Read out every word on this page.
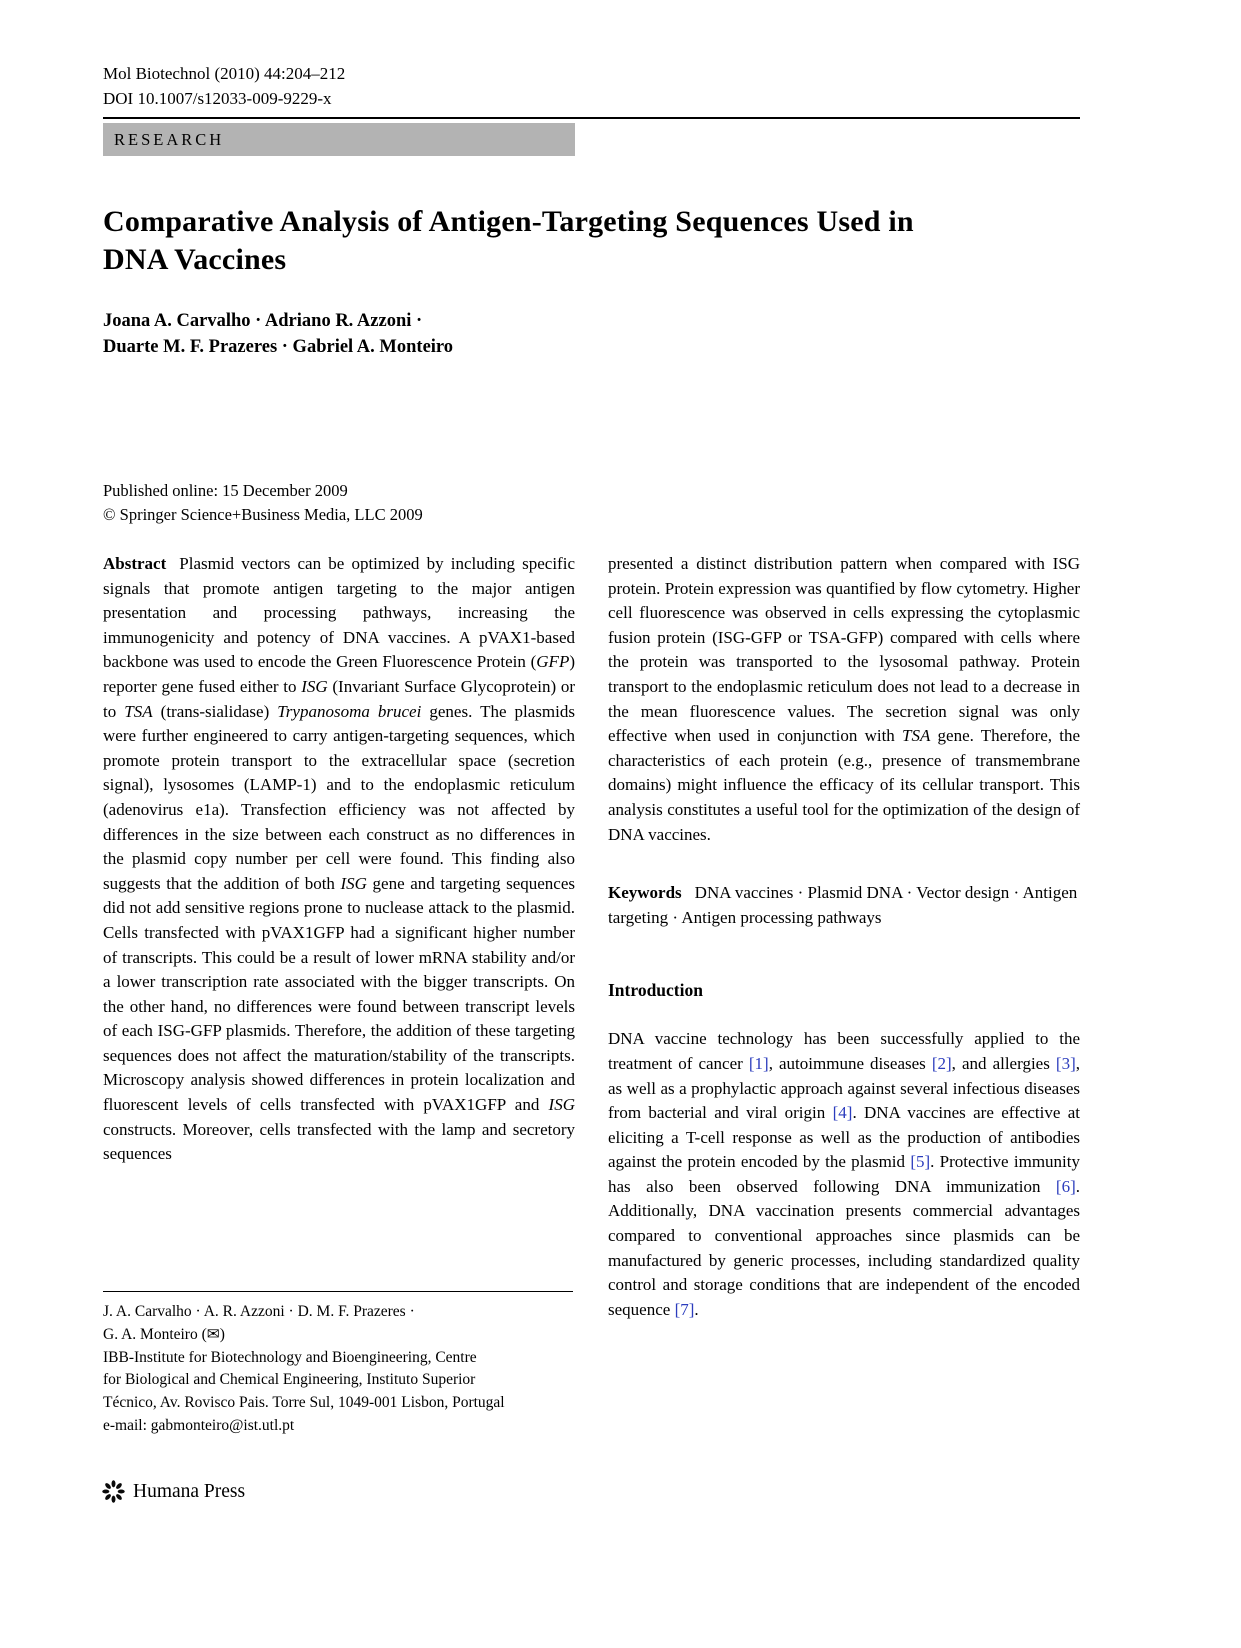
Mol Biotechnol (2010) 44:204–212
DOI 10.1007/s12033-009-9229-x
RESEARCH
Comparative Analysis of Antigen-Targeting Sequences Used in DNA Vaccines
Joana A. Carvalho · Adriano R. Azzoni ·
Duarte M. F. Prazeres · Gabriel A. Monteiro
Published online: 15 December 2009
© Springer Science+Business Media, LLC 2009

Abstract Plasmid vectors can be optimized by including specific signals that promote antigen targeting to the major antigen presentation and processing pathways, increasing the immunogenicity and potency of DNA vaccines. A pVAX1-based backbone was used to encode the Green Fluorescence Protein (GFP) reporter gene fused either to ISG (Invariant Surface Glycoprotein) or to TSA (trans-sialidase) Trypanosoma brucei genes. The plasmids were further engineered to carry antigen-targeting sequences, which promote protein transport to the extracellular space (secretion signal), lysosomes (LAMP-1) and to the endoplasmic reticulum (adenovirus e1a). Transfection efficiency was not affected by differences in the size between each construct as no differences in the plasmid copy number per cell were found. This finding also suggests that the addition of both ISG gene and targeting sequences did not add sensitive regions prone to nuclease attack to the plasmid. Cells transfected with pVAX1GFP had a significant higher number of transcripts. This could be a result of lower mRNA stability and/or a lower transcription rate associated with the bigger transcripts. On the other hand, no differences were found between transcript levels of each ISG-GFP plasmids. Therefore, the addition of these targeting sequences does not affect the maturation/stability of the transcripts. Microscopy analysis showed differences in protein localization and fluorescent levels of cells transfected with pVAX1GFP and ISG constructs. Moreover, cells transfected with the lamp and secretory sequences

presented a distinct distribution pattern when compared with ISG protein. Protein expression was quantified by flow cytometry. Higher cell fluorescence was observed in cells expressing the cytoplasmic fusion protein (ISG-GFP or TSA-GFP) compared with cells where the protein was transported to the lysosomal pathway. Protein transport to the endoplasmic reticulum does not lead to a decrease in the mean fluorescence values. The secretion signal was only effective when used in conjunction with TSA gene. Therefore, the characteristics of each protein (e.g., presence of transmembrane domains) might influence the efficacy of its cellular transport. This analysis constitutes a useful tool for the optimization of the design of DNA vaccines.

Keywords DNA vaccines · Plasmid DNA · Vector design · Antigen targeting · Antigen processing pathways

Introduction

DNA vaccine technology has been successfully applied to the treatment of cancer [1], autoimmune diseases [2], and allergies [3], as well as a prophylactic approach against several infectious diseases from bacterial and viral origin [4]. DNA vaccines are effective at eliciting a T-cell response as well as the production of antibodies against the protein encoded by the plasmid [5]. Protective immunity has also been observed following DNA immunization [6]. Additionally, DNA vaccination presents commercial advantages compared to conventional approaches since plasmids can be manufactured by generic processes, including standardized quality control and storage conditions that are independent of the encoded sequence [7].

J. A. Carvalho · A. R. Azzoni · D. M. F. Prazeres ·
G. A. Monteiro (✉)
IBB-Institute for Biotechnology and Bioengineering, Centre
for Biological and Chemical Engineering, Instituto Superior
Técnico, Av. Rovisco Pais. Torre Sul, 1049-001 Lisbon, Portugal
e-mail: gabmonteiro@ist.utl.pt
Humana Press
